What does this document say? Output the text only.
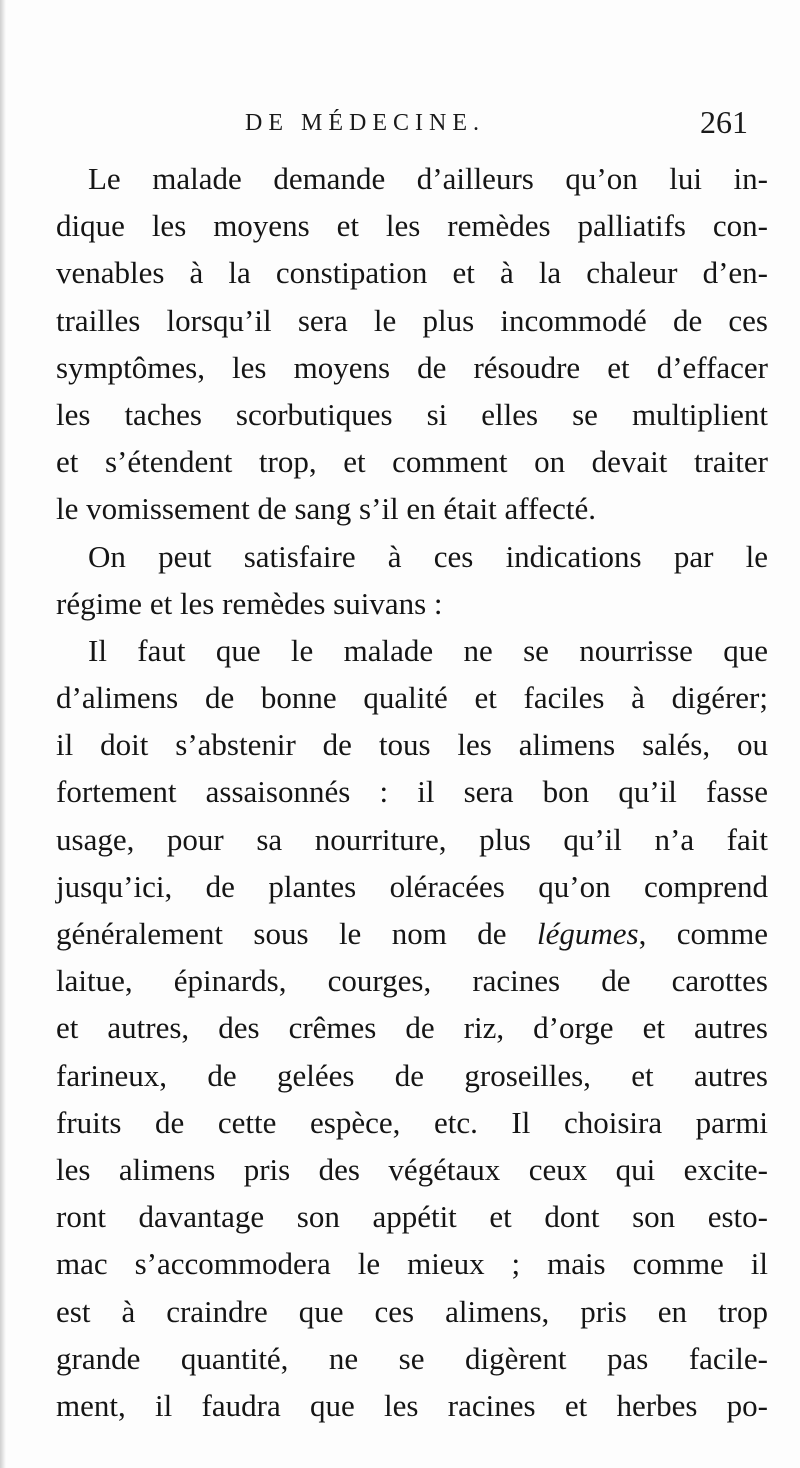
DE MÉDECINE.	261
Le malade demande d’ailleurs qu’on lui in-
dique les moyens et les remèdes palliatifs con-
venables à la constipation et à la chaleur d’en-
trailles lorsqu’il sera le plus incommodé de ces
symptômes, les moyens de résoudre et d’effacer
les taches scorbutiques si elles se multiplient
et s’étendent trop, et comment on devait traiter
le vomissement de sang s’il en était affecté.
On peut satisfaire à ces indications par le
régime et les remèdes suivans :
Il faut que le malade ne se nourrisse que
d’alimens de bonne qualité et faciles à digérer;
il doit s’abstenir de tous les alimens salés, ou
fortement assaisonnés : il sera bon qu’il fasse
usage, pour sa nourriture, plus qu’il n’a fait
jusqu’ici, de plantes oléracées qu’on comprend
généralement sous le nom de légumes, comme
laitue, épinards, courges, racines de carottes
et autres, des crêmes de riz, d’orge et autres
farineux, de gelées de groseilles, et autres
fruits de cette espèce, etc. Il choisira parmi
les alimens pris des végétaux ceux qui excite-
ront davantage son appétit et dont son esto-
mac s’accommodera le mieux ; mais comme il
est à craindre que ces alimens, pris en trop
grande quantité, ne se digèrent pas facile-
ment, il faudra que les racines et herbes po-
